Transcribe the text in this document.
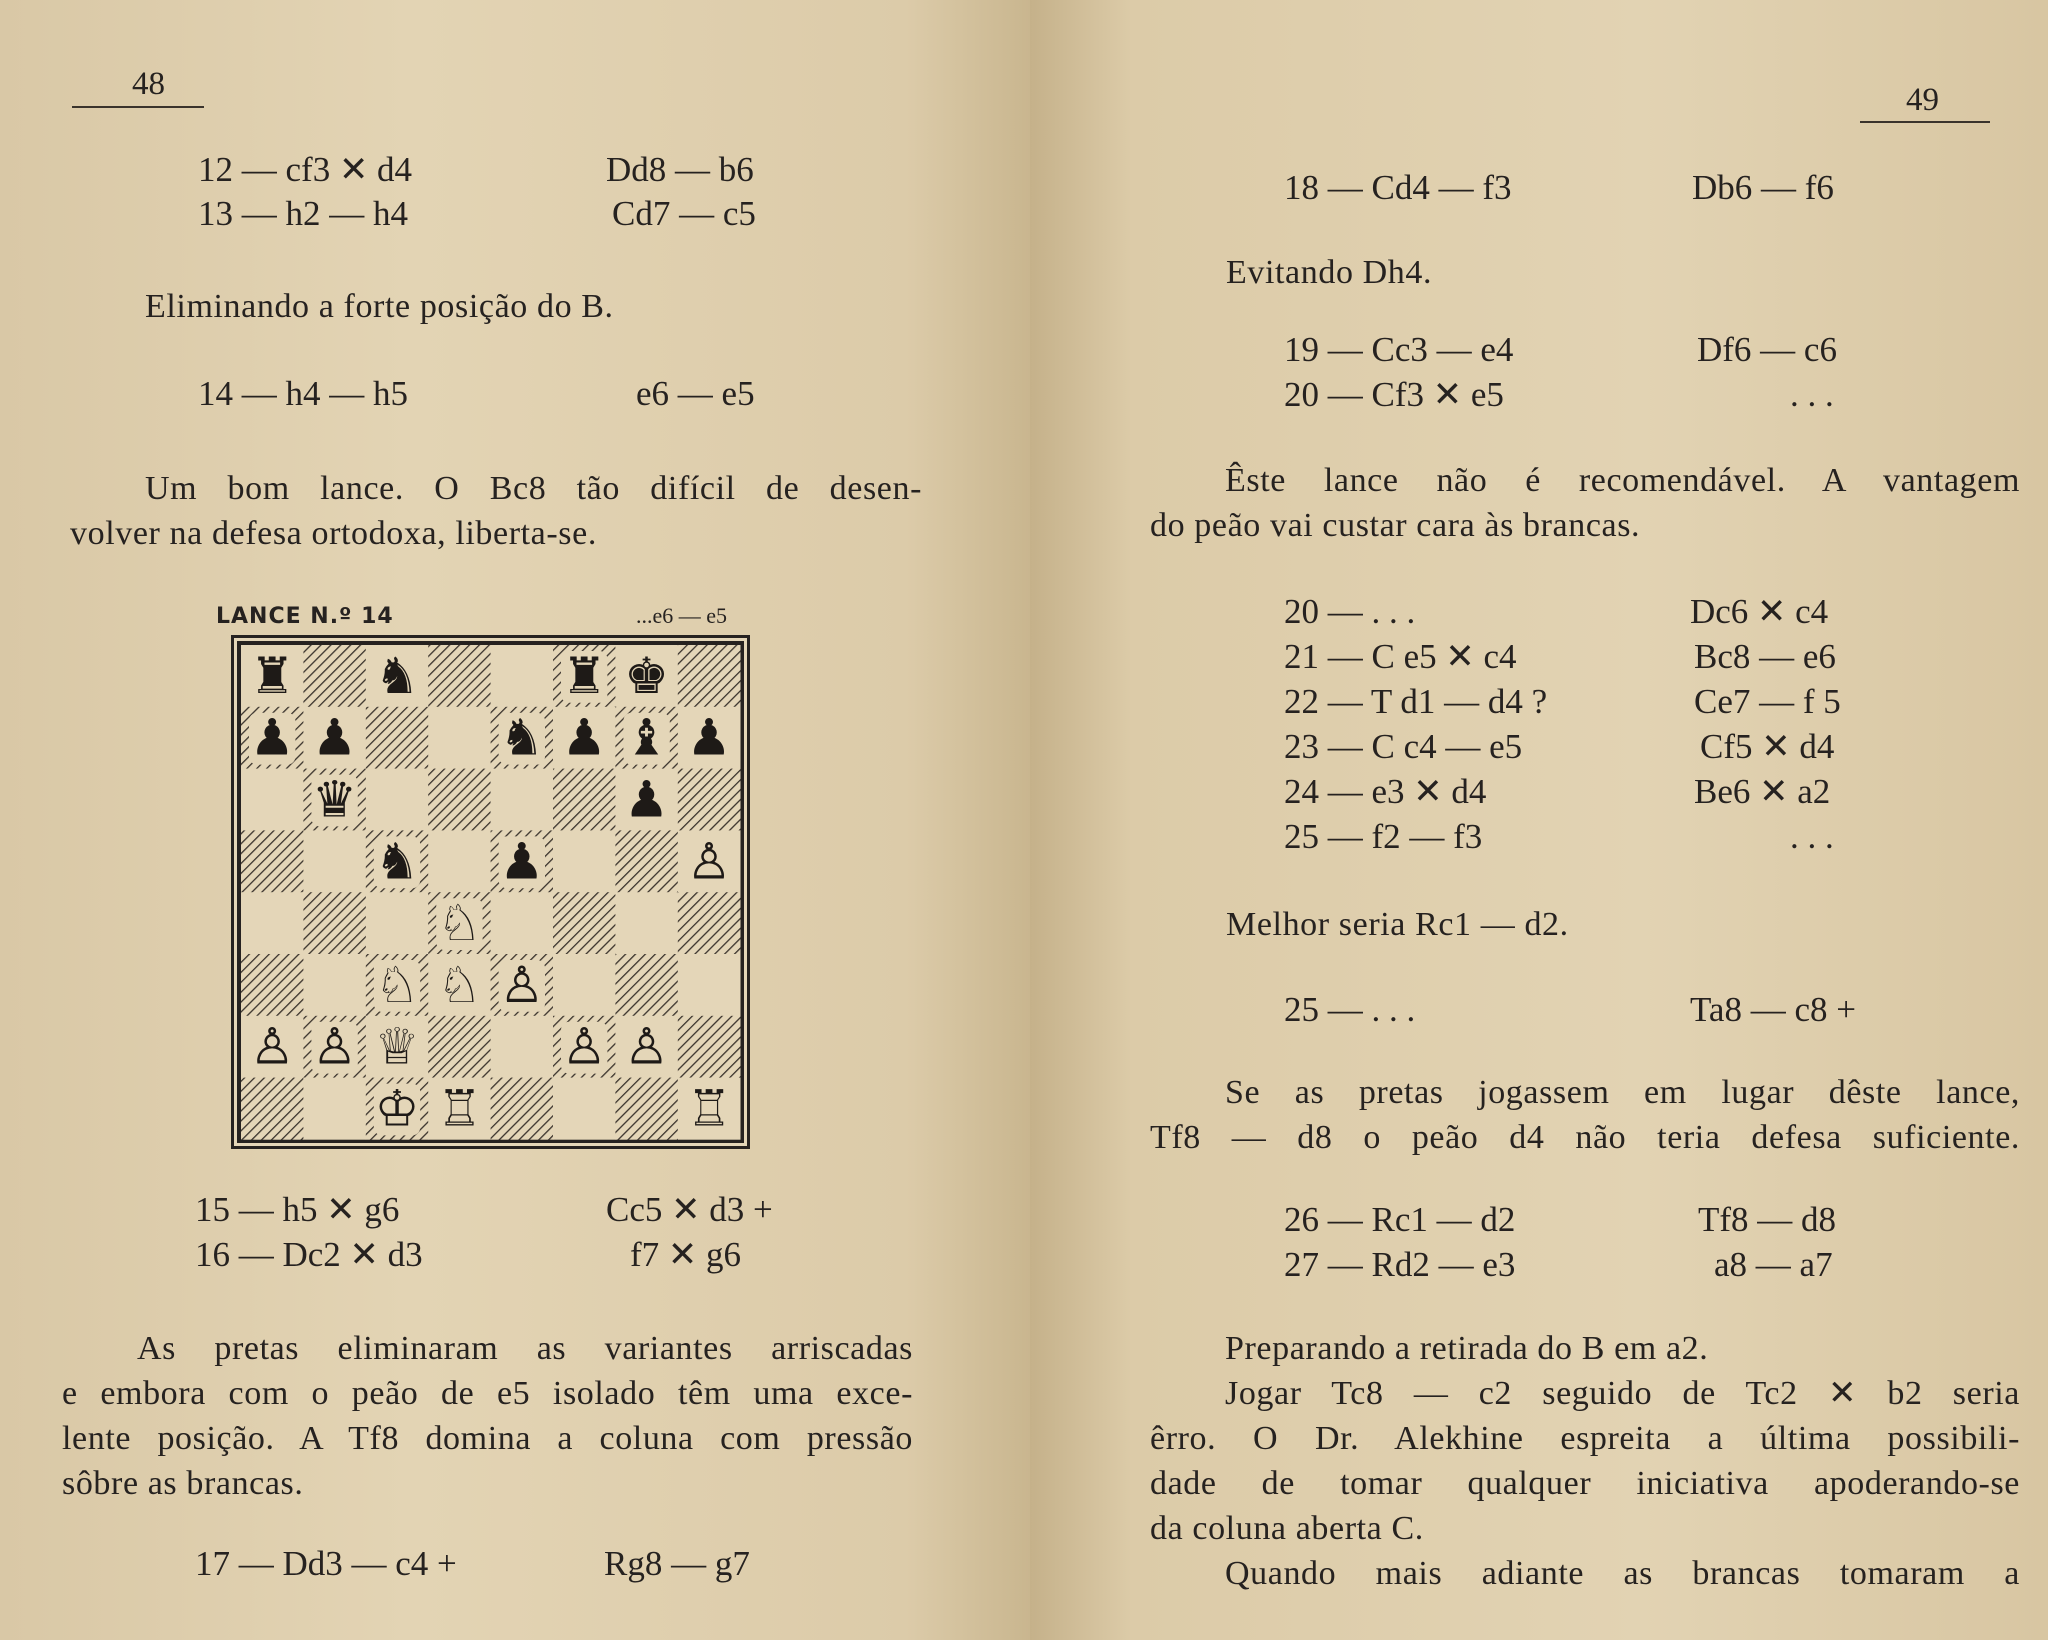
48
12 — cf3 ✕ d4	Dd8 — b6
13 — h2 — h4	Cd7 — c5
Eliminando a forte posição do B.
14 — h4 — h5	e6 — e5
Um bom lance. O Bc8 tão difícil de desen-
volver na defesa ortodoxa, liberta-se.
LANCE N.º 14	...e6 — e5
♜ ♞	♜ ♚
♟ ♟	♞ ♟ ♝ ♟
♛	♟
♞ ♟	♙
♘
♘ ♘ ♙
♙ ♙ ♕	♙ ♙
♔ ♖	♖
15 — h5 ✕ g6	Cc5 ✕ d3 +
16 — Dc2 ✕ d3	f7 ✕ g6
As pretas eliminaram as variantes arriscadas
e embora com o peão de e5 isolado têm uma exce-
lente posição. A Tf8 domina a coluna com pressão
sôbre as brancas.
17 — Dd3 — c4 +	Rg8 — g7
49
18 — Cd4 — f3	Db6 — f6
Evitando Dh4.
19 — Cc3 — e4	Df6 — c6
20 — Cf3 ✕ e5	. . .
Êste lance não é recomendável. A vantagem
do peão vai custar cara às brancas.
20 — . . .	Dc6 ✕ c4
21 — C e5 ✕ c4	Bc8 — e6
22 — T d1 — d4 ?	Ce7 — f 5
23 — C c4 — e5	Cf5 ✕ d4
24 — e3 ✕ d4	Be6 ✕ a2
25 — f2 — f3	. . .
Melhor seria Rc1 — d2.
25 — . . .	Ta8 — c8 +
Se as pretas jogassem em lugar dêste lance,
Tf8 — d8 o peão d4 não teria defesa suficiente.
26 — Rc1 — d2	Tf8 — d8
27 — Rd2 — e3	a8 — a7
Preparando a retirada do B em a2.
Jogar Tc8 — c2 seguido de Tc2 ✕ b2 seria
êrro. O Dr. Alekhine espreita a última possibili-
dade de tomar qualquer iniciativa apoderando-se
da coluna aberta C.
Quando mais adiante as brancas tomaram a
